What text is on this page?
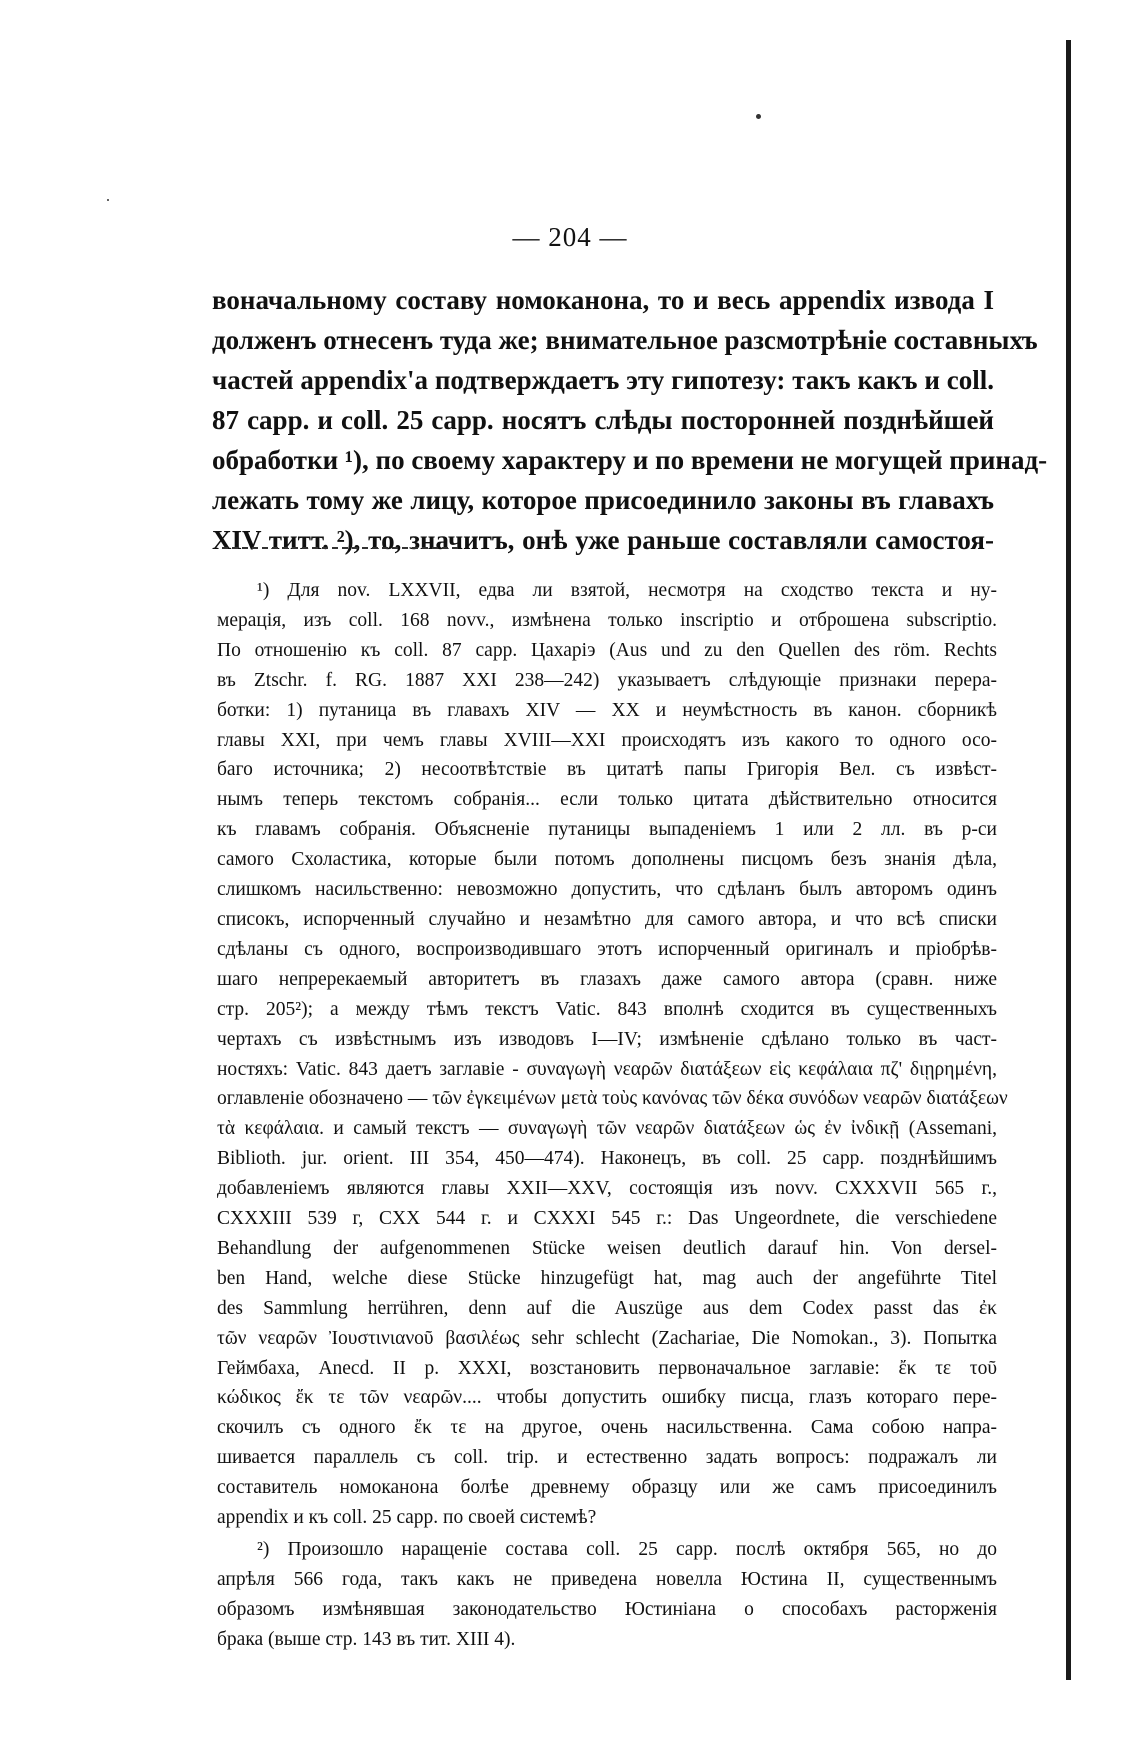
— 204 —
воначальному составу номоканона, то и весь appendix извода I
долженъ отнесенъ туда же; внимательное разсмотрѣніе составныхъ
частей appendix'а подтверждаетъ эту гипотезу: такъ какъ и coll.
87 capp. и coll. 25 capp. носятъ слѣды посторонней позднѣйшей
обработки ¹), по своему характеру и по времени не могущей принад-
лежать тому же лицу, которое присоединило законы въ главахъ
XIV титт. ²), то, значитъ, онѣ уже раньше составляли самостоя-
¹) Для nov. LXXVII, едва ли взятой, несмотря на сходство текста и ну-
мерація, изъ coll. 168 novv., измѣнена только inscriptio и отброшена subscriptio.
По отношенію къ coll. 87 capp. Цахаріэ (Aus und zu den Quellen des röm. Rechts
въ Ztschr. f. RG. 1887 XXI 238—242) указываетъ слѣдующіе признаки перера-
ботки: 1) путаница въ главахъ XIV — XX и неумѣстность въ канон. сборникѣ
главы XXI, при чемъ главы XVIII—XXI происходятъ изъ какого то одного осо-
баго источника; 2) несоотвѣтствіе въ цитатѣ папы Григорія Вел. съ извѣст-
нымъ теперь текстомъ собранія... если только цитата дѣйствительно относится
къ главамъ собранія. Объясненіе путаницы выпаденіемъ 1 или 2 лл. въ р-си
самого Схоластика, которые были потомъ дополнены писцомъ безъ знанія дѣла,
слишкомъ насильственно: невозможно допустить, что сдѣланъ былъ авторомъ одинъ
списокъ, испорченный случайно и незамѣтно для самого автора, и что всѣ списки
сдѣланы съ одного, воспроизводившаго этотъ испорченный оригиналъ и пріобрѣв-
шаго непререкаемый авторитетъ въ глазахъ даже самого автора (сравн. ниже
стр. 205²); а между тѣмъ текстъ Vatic. 843 вполнѣ сходится въ существенныхъ
чертахъ съ извѣстнымъ изъ изводовъ I—IV; измѣненіе сдѣлано только въ част-
ностяхъ: Vatic. 843 даетъ заглавіе - συναγωγὴ νεαρῶν διατάξεων εἰς κεφάλαια πζ' διῃρημένη,
оглавленіе обозначено — τῶν ἐγκειμένων μετὰ τοὺς κανόνας τῶν δέκα συνόδων νεαρῶν διατάξεων
τὰ κεφάλαια. и самый текстъ — συναγωγὴ τῶν νεαρῶν διατάξεων ὡς ἐν ἰνδικῇ (Assemani,
Biblioth. jur. orient. III 354, 450—474). Наконецъ, въ coll. 25 capp. позднѣйшимъ
добавленіемъ являются главы XXII—XXV, состоящія изъ novv. CXXXVII 565 г.,
CXXXIII 539 г, CXX 544 г. и CXXXI 545 г.: Das Ungeordnete, die verschiedene
Behandlung der aufgenommenen Stücke weisen deutlich darauf hin. Von dersel-
ben Hand, welche diese Stücke hinzugefügt hat, mag auch der angeführte Titel
des Sammlung herrühren, denn auf die Auszüge aus dem Codex passt das ἐκ
τῶν νεαρῶν Ἰουστινιανοῦ βασιλέως sehr schlecht (Zachariae, Die Nomokan., 3). Попытка
Геймбаха, Anecd. II p. XXXI, возстановить первоначальное заглавіе: ἔκ τε τοῦ
κώδικος ἔκ τε τῶν νεαρῶν.... чтобы допустить ошибку писца, глазъ котораго пере-
скочилъ съ одного ἔκ τε на другое, очень насильственна. Сама собою напра-
шивается параллель съ coll. trip. и естественно задать вопросъ: подражалъ ли
составитель номоканона болѣе древнему образцу или же самъ присоединилъ
appendix и къ coll. 25 capp. по своей системѣ?
²) Произошло наращеніе состава coll. 25 capp. послѣ октября 565, но до
апрѣля 566 года, такъ какъ не приведена новелла Юстина II, существеннымъ
образомъ измѣнявшая законодательство Юстиніана о способахъ расторженія
брака (выше стр. 143 въ тит. XIII 4).
